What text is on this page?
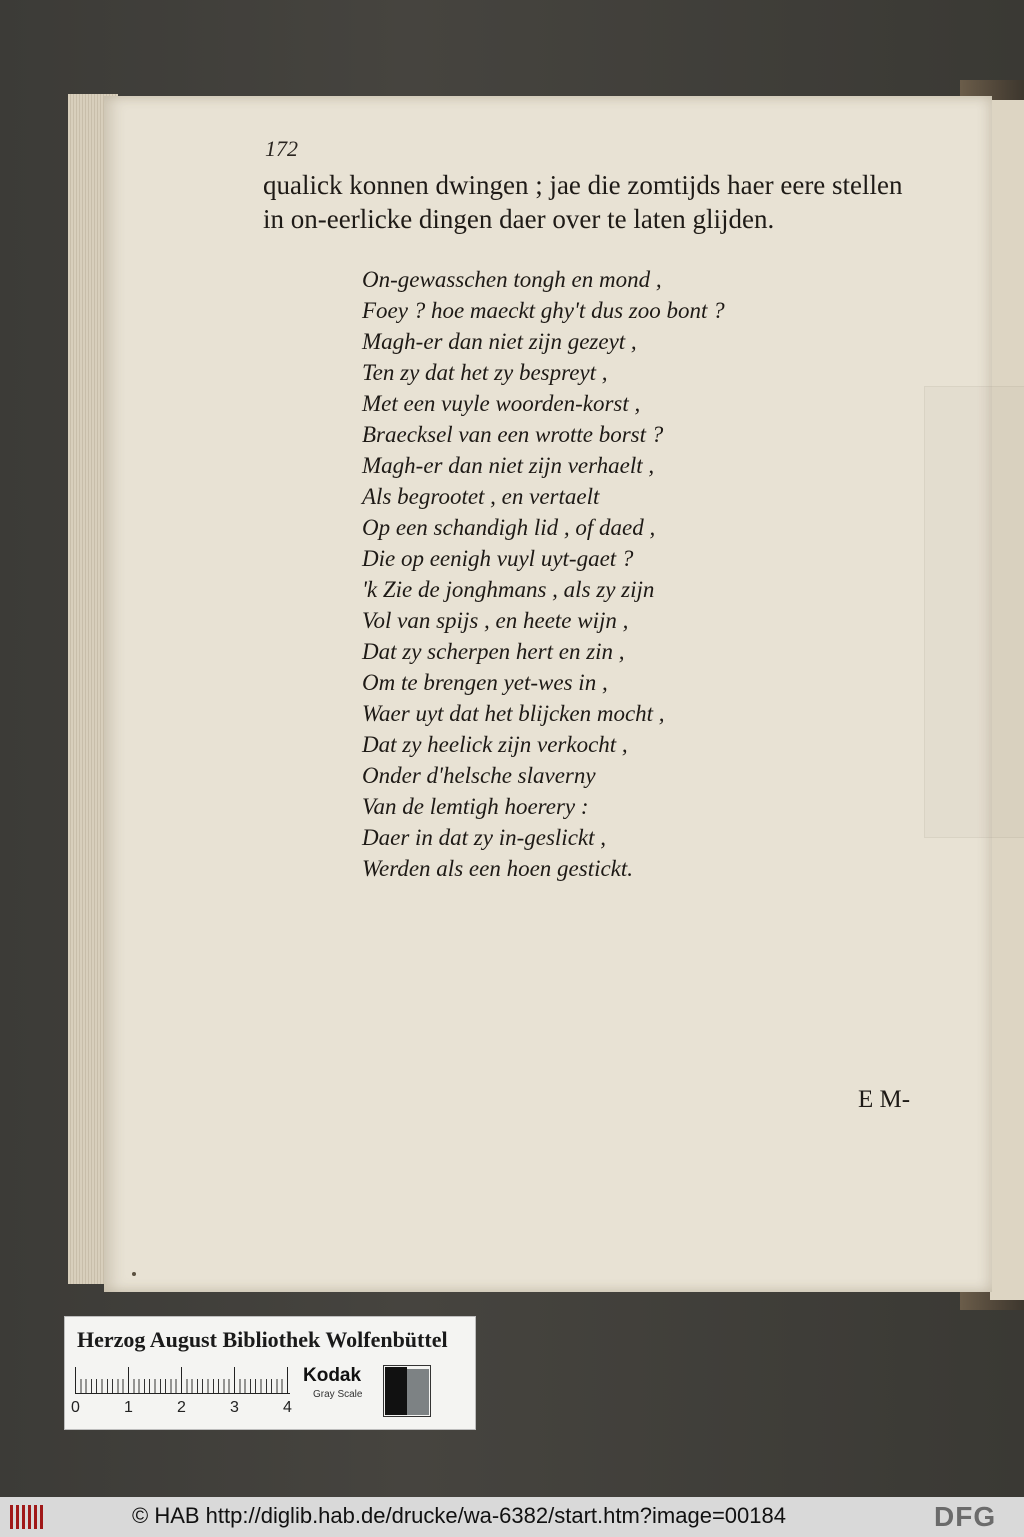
172
qualick konnen dwingen ; jae die zomtijds haer eere stellen
in on-eerlicke dingen daer over te laten glijden.
On-gewasschen tongh en mond ,
Foey ? hoe maeckt ghy't dus zoo bont ?
Magh-er dan niet zijn gezeyt ,
Ten zy dat het zy bespreyt ,
Met een vuyle woorden-korst ,
Braecksel van een wrotte borst ?
Magh-er dan niet zijn verhaelt ,
Als begrootet , en vertaelt
Op een schandigh lid , of daed ,
Die op eenigh vuyl uyt-gaet ?
'k Zie de jonghmans , als zy zijn
Vol van spijs , en heete wijn ,
Dat zy scherpen hert en zin ,
Om te brengen yet-wes in ,
Waer uyt dat het blijcken mocht ,
Dat zy heelick zijn verkocht ,
Onder d'helsche slaverny
Van de lemtigh hoerery :
Daer in dat zy in-geslickt ,
Werden als een hoen gestickt.
E M-
Herzog August Bibliothek Wolfenbüttel
0	1	2	3	4
Kodak
Gray Scale
© HAB http://diglib.hab.de/drucke/wa-6382/start.htm?image=00184	DFG
